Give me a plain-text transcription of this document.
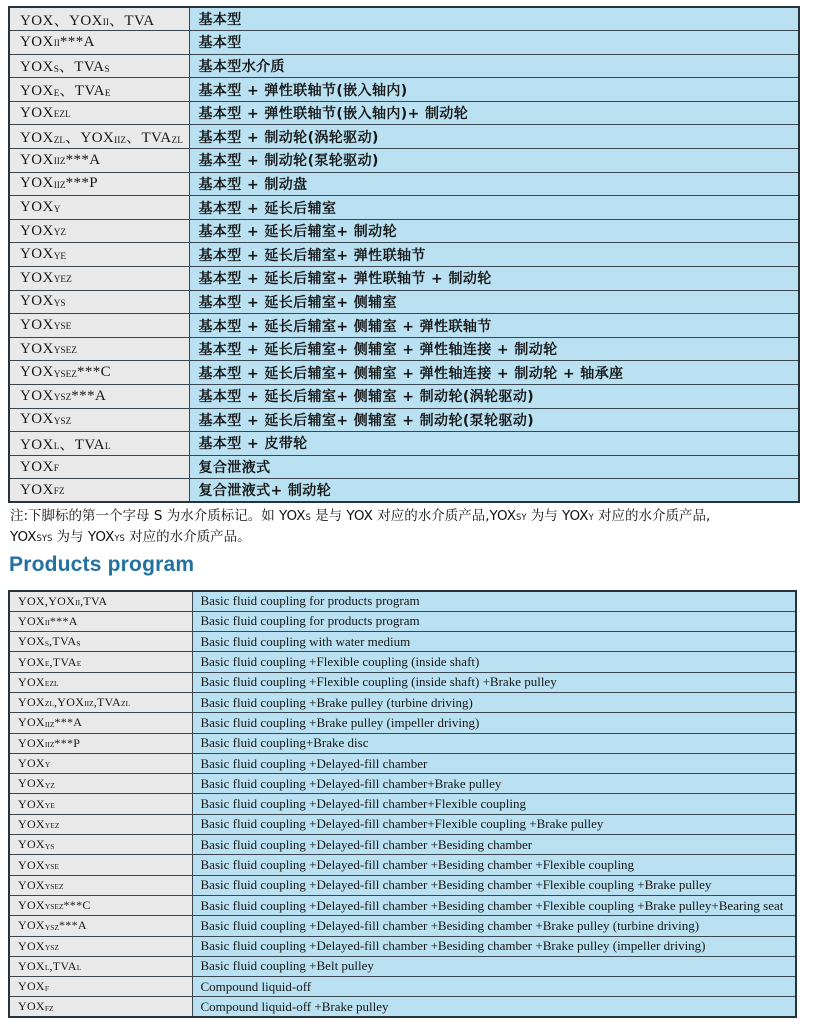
YOX、$YOX_{II}$、TVA	基本型
$YOX_{II}***A$	基本型
$YOX_S$、$TVA_S$	基本型水介质
$YOX_E$、$TVA_E$	基本型 + 弹性联轴节(嵌入轴内)
$YOX_{EZL}$	基本型 + 弹性联轴节(嵌入轴内)+ 制动轮
$YOX_{ZL}$、$YOX_{IIZ}$、$TVA_{ZL}$	基本型 + 制动轮(涡轮驱动)
$YOX_{IIZ}***A$	基本型 + 制动轮(泵轮驱动)
$YOX_{IIZ}***P$	基本型 + 制动盘
$YOX_Y$	基本型 + 延长后辅室
$YOX_{YZ}$	基本型 + 延长后辅室+ 制动轮
$YOX_{YE}$	基本型 + 延长后辅室+ 弹性联轴节
$YOX_{YEZ}$	基本型 + 延长后辅室+ 弹性联轴节 + 制动轮
$YOX_{YS}$	基本型 + 延长后辅室+ 侧辅室
$YOX_{YSE}$	基本型 + 延长后辅室+ 侧辅室 + 弹性联轴节
$YOX_{YSEZ}$	基本型 + 延长后辅室+ 侧辅室 + 弹性轴连接 + 制动轮
$YOX_{YSEZ}***C$	基本型 + 延长后辅室+ 侧辅室 + 弹性轴连接 + 制动轮 + 轴承座
$YOX_{YSZ}***A$	基本型 + 延长后辅室+ 侧辅室 + 制动轮(涡轮驱动)
$YOX_{YSZ}$	基本型 + 延长后辅室+ 侧辅室 + 制动轮(泵轮驱动)
$YOX_L$、$TVA_L$	基本型 + 皮带轮
$YOX_F$	复合泄液式
$YOX_{FZ}$	复合泄液式+ 制动轮
注:下脚标的第一个字母 S 为水介质标记。如 $YOX_S$ 是与 YOX 对应的水介质产品$,YOX_{SY}$ 为与 $YOX_Y$ 对应的水介质产品,
$YOX_{SYS}$ 为与 $YOX_{YS}$ 对应的水介质产品。
Products program
$YOX,YOX_{II},TVA$	Basic fluid coupling for products program
$YOX_{II}***A$	Basic fluid coupling for products program
$YOX_S,TVA_S$	Basic fluid coupling with water medium
$YOX_E,TVA_E$	Basic fluid coupling +Flexible coupling (inside shaft)
$YOX_{EZL}$	Basic fluid coupling +Flexible coupling (inside shaft) +Brake pulley
$YOX_{ZL},YOX_{IIZ},TVA_{ZL}$	Basic fluid coupling +Brake pulley (turbine driving)
$YOX_{IIZ}***A$	Basic fluid coupling +Brake pulley (impeller driving)
$YOX_{IIZ}***P$	Basic fluid coupling+Brake disc
$YOX_Y$	Basic fluid coupling +Delayed-fill chamber
$YOX_{YZ}$	Basic fluid coupling +Delayed-fill chamber+Brake pulley
$YOX_{YE}$	Basic fluid coupling +Delayed-fill chamber+Flexible coupling
$YOX_{YEZ}$	Basic fluid coupling +Delayed-fill chamber+Flexible coupling +Brake pulley
$YOX_{YS}$	Basic fluid coupling +Delayed-fill chamber +Besiding chamber
$YOX_{YSE}$	Basic fluid coupling +Delayed-fill chamber +Besiding chamber +Flexible coupling
$YOX_{YSEZ}$	Basic fluid coupling +Delayed-fill chamber +Besiding chamber +Flexible coupling +Brake pulley
$YOX_{YSEZ}***C$	Basic fluid coupling +Delayed-fill chamber +Besiding chamber +Flexible coupling +Brake pulley+Bearing seat
$YOX_{YSZ}***A$	Basic fluid coupling +Delayed-fill chamber +Besiding chamber +Brake pulley (turbine driving)
$YOX_{YSZ}$	Basic fluid coupling +Delayed-fill chamber +Besiding chamber +Brake pulley (impeller driving)
$YOX_L,TVA_L$	Basic fluid coupling +Belt pulley
$YOX_F$	Compound liquid-off
$YOX_{FZ}$	Compound liquid-off +Brake pulley
